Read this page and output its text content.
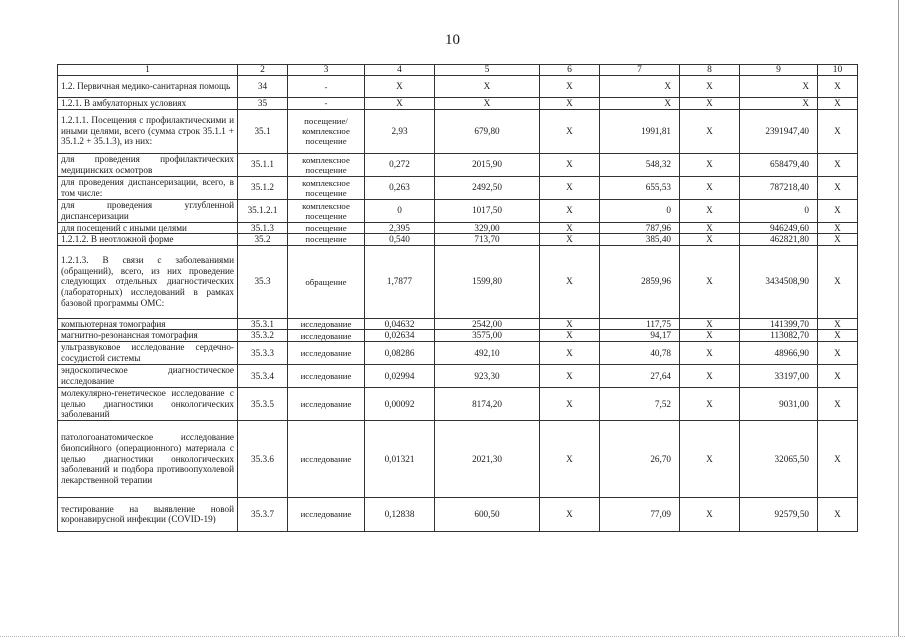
10
1	2	3	4	5	6	7	8	9	10
1.2. Первичная медико-санитарная помощь	34	-	X	X	X	X	X	X	X
1.2.1. В амбулаторных условиях	35	-	X	X	X	X	X	X	X
1.2.1.1. Посещения с профилактическими и иными целями, всего (сумма строк 35.1.1 + 35.1.2 + 35.1.3), из них:	35.1	посещение/ комплексное посещение	2,93	679,80	X	1991,81	X	2391947,40	X
для проведения профилактических медицинских осмотров	35.1.1	комплексное посещение	0,272	2015,90	X	548,32	X	658479,40	X
для проведения диспансеризации, всего, в том числе:	35.1.2	комплексное посещение	0,263	2492,50	X	655,53	X	787218,40	X
для проведения углубленной диспансеризации	35.1.2.1	комплексное посещение	0	1017,50	X	0	X	0	X
для посещений с иными целями	35.1.3	посещение	2,395	329,00	X	787,96	X	946249,60	X
1.2.1.2. В неотложной форме	35.2	посещение	0,540	713,70	X	385,40	X	462821,80	X
1.2.1.3. В связи с заболеваниями (обращений), всего, из них проведение следующих отдельных диагностических (лабораторных) исследований в рамках базовой программы ОМС:	35.3	обращение	1,7877	1599,80	X	2859,96	X	3434508,90	X
компьютерная томография	35.3.1	исследование	0,04632	2542,00	X	117,75	X	141399,70	X
магнитно-резонансная томография	35.3.2	исследование	0,02634	3575,00	X	94,17	X	113082,70	X
ультразвуковое исследование сердечно-сосудистой системы	35.3.3	исследование	0,08286	492,10	X	40,78	X	48966,90	X
эндоскопическое диагностическое исследование	35.3.4	исследование	0,02994	923,30	X	27,64	X	33197,00	X
молекулярно-генетическое исследование с целью диагностики онкологических заболеваний	35.3.5	исследование	0,00092	8174,20	X	7,52	X	9031,00	X
патологоанатомическое исследование биопсийного (операционного) материала с целью диагностики онкологических заболеваний и подбора противоопухолевой лекарственной терапии	35.3.6	исследование	0,01321	2021,30	X	26,70	X	32065,50	X
тестирование на выявление новой коронавирусной инфекции (COVID-19)	35.3.7	исследование	0,12838	600,50	X	77,09	X	92579,50	X
